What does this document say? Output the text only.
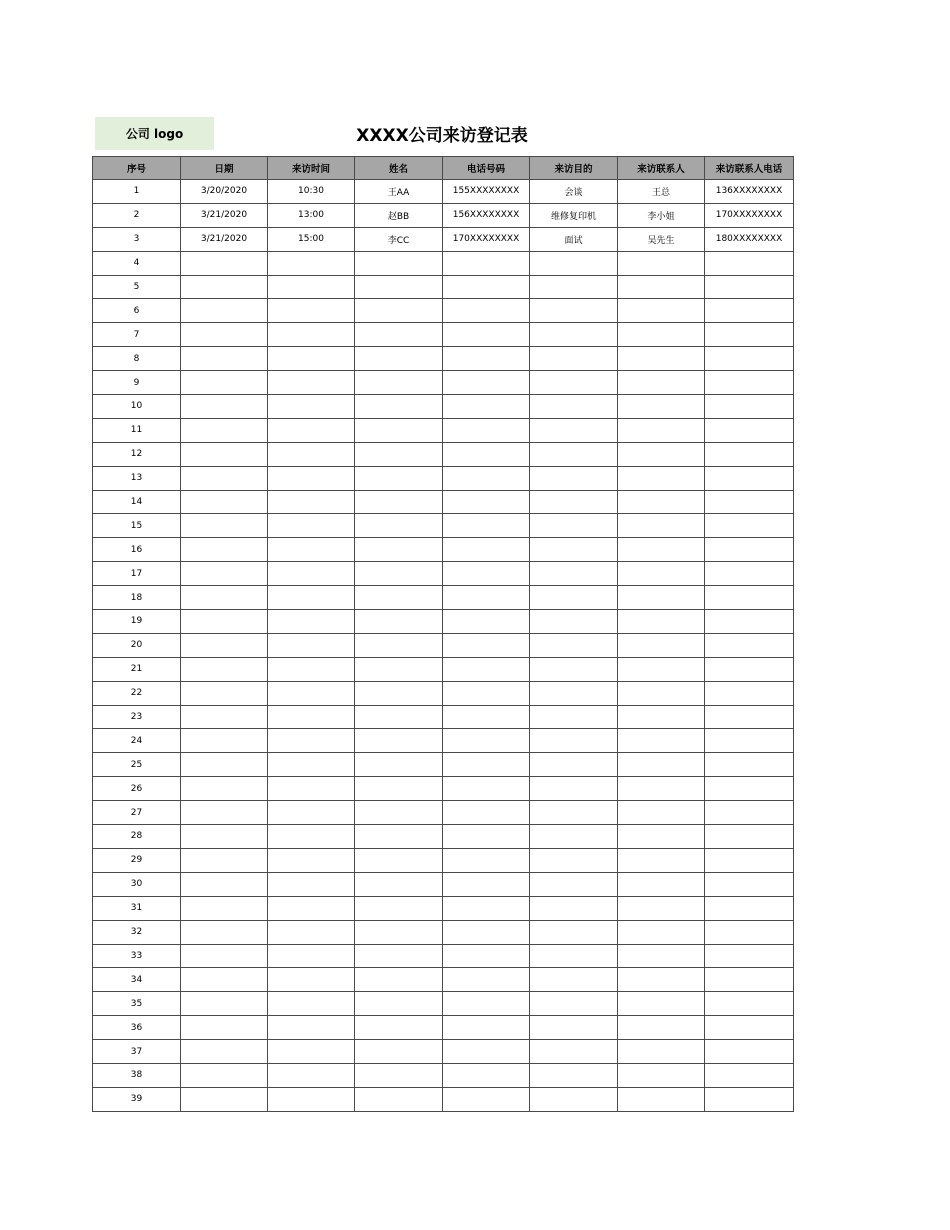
公司 logo	XXXX公司来访登记表
序号	日期	来访时间	姓名	电话号码	来访目的	来访联系人	来访联系人电话
1	3/20/2020	10:30	王AA	155XXXXXXXX	会谈	王总	136XXXXXXXX
2	3/21/2020	13:00	赵BB	156XXXXXXXX	维修复印机	李小姐	170XXXXXXXX
3	3/21/2020	15:00	李CC	170XXXXXXXX	面试	吴先生	180XXXXXXXX
4							
5							
6							
7							
8							
9							
10							
11							
12							
13							
14							
15							
16							
17							
18							
19							
20							
21							
22							
23							
24							
25							
26							
27							
28							
29							
30							
31							
32							
33							
34							
35							
36							
37							
38							
39							
